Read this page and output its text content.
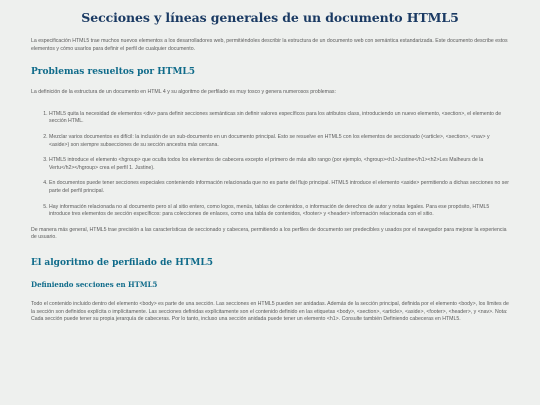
Secciones y líneas generales de un documento HTML5

La especificación HTML5 trae muchos nuevos elementos a los desarrolladores web, permitiéndoles describir la estructura de un documento web con semántica estandarizada. Este documento describe estos elementos y cómo usarlos para definir el perfil de cualquier documento.

Problemas resueltos por HTML5

La definición de la estructura de un documento en HTML 4 y su algoritmo de perfilado es muy tosco y genera numerosos problemas:

1. HTML5 quita la necesidad de elementos <div> para definir secciones semánticas sin definir valores específicos para los atributos class, introduciendo un nuevo elemento, <section>, el elemento de sección HTML.
2. Mezclar varios documentos es difícil: la inclusión de un sub-documento en un documento principal. Esto se resuelve en HTML5 con los elementos de seccionado (<article>, <section>, <nav> y <aside>) son siempre subsecciones de su sección ancestra más cercana.
3. HTML5 introduce el elemento <hgroup> que oculta todos los elementos de cabecera excepto el primero de más alto rango (por ejemplo, <hgroup><h1>Justine</h1><h2>Les Malheurs de la Vertu</h2></hgroup> crea el perfil 1. Justine).
4. En documentos puede tener secciones especiales conteniendo información relacionada que no es parte del flujo principal. HTML5 introduce el elemento <aside> permitiendo a dichas secciones no ser parte del perfil principal.
5. Hay información relacionada no al documento pero sí al sitio entero, como logos, menús, tablas de contenidos, o información de derechos de autor y notas legales. Para ese propósito, HTML5 introduce tres elementos de sección específicos: para colecciones de enlaces, como una tabla de contenidos, <footer> y <header> información relacionada con el sitio.

De manera más general, HTML5 trae precisión a las características de seccionado y cabecera, permitiendo a los perfiles de documento ser predecibles y usados por el navegador para mejorar la experiencia de usuario.

El algoritmo de perfilado de HTML5
Definiendo secciones en HTML5

Todo el contenido incluido dentro del elemento <body> es parte de una sección. Las secciones en HTML5 pueden ser anidadas. Además de la sección principal, definida por el elemento <body>, los límites de la sección son definidos explícita o implícitamente. Las secciones definidas explícitamente son el contenido definido en las etiquetas <body>, <section>, <article>, <aside>, <footer>, <header>, y <nav>. Nota: Cada sección puede tener su propia jerarquía de cabeceras. Por lo tanto, incluso una sección anidada puede tener un elemento <h1>. Consulte también Definiendo cabeceras en HTML5.
